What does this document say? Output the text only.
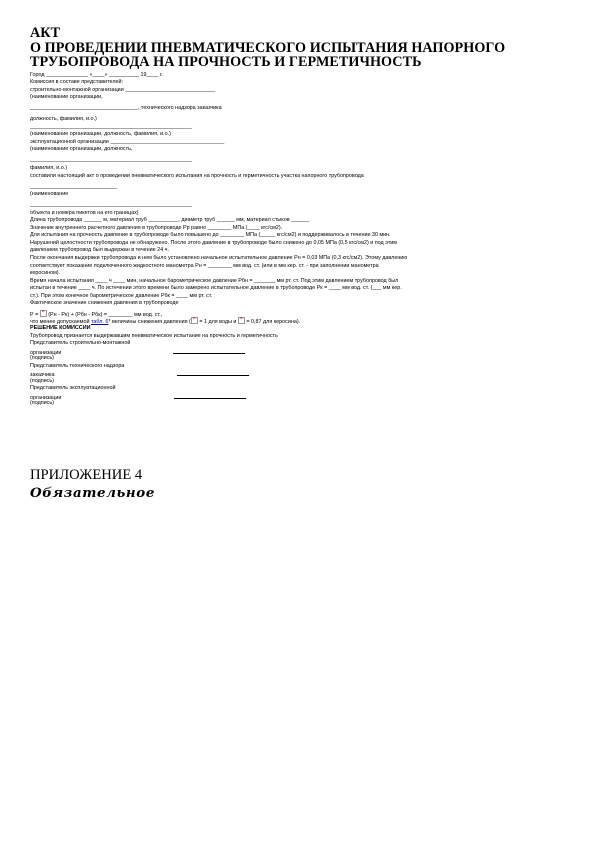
АКТ

О ПРОВЕДЕНИИ ПНЕВМАТИЧЕСКОГО ИСПЫТАНИЯ НАПОРНОГО

ТРУБОПРОВОДА НА ПРОЧНОСТЬ И ГЕРМЕТИЧНОСТЬ

Город ______________ «____» __________ 19____ г.
Комиссия в составе представителей:
строительно-монтажной организации ______________________________
(наименование организации,
____________________________________, технического надзора заказчика
должность, фамилия, и.о.)
______________________________________________________
(наименование организации, должность, фамилия, и.о.)
эксплуатационной организации ______________________________________
(наименование организации, должность,
______________________________________________________
фамилия, и.о.)
составили настоящий акт о проведении пневматического испытания на прочность и герметичность участка напорного трубопровода
_____________________________
(наименование
______________________________________________________
объекта и номера пикетов на его границах)
Длина трубопровода ______ м, материал труб __________, диаметр труб ______ мм, материал стыков ______
Значение внутреннего расчетного давления в трубопроводе Рр равно ________ МПа (____ кгс/см2).
Для испытания на прочность давление в трубопроводе было повышено до ________ МПа (_____ кгс/см2) и поддерживалось в течение 30 мин.
Нарушений целостности трубопровода не обнаружено. После этого давление в трубопроводе было снижено до 0,05 МПа (0,5 кгс/см2) и под этим
давлением трубопровод был выдержан в течение 24 ч.
После окончания выдержки трубопровода и нем было установлено начальное испытательное давление Рн = 0,03 МПа (0,3 кгс/см2). Этому давлению
соответствует показание подключенного жидкостного манометра Рн = ________ мм вод. ст. (или в мм кер. ст. - при заполнении манометра
керосином).
Время начала испытания ____ ч ____ мин, начальное барометрическое давление Рбн = _______ мм рт. ст. Под этим давлением трубопровод был
испытан в течение ____ ч. По истечении этого времени было замерено испытательное давление в трубопроводе Рк = ____ мм вод. ст. (___ мм кер.
ст.). При этом конечное барометрическое давление Рбк = ____ мм рт. ст.
Фактическое значение снижения давления в трубопроводе
Р = x (Рн - Рк) + (Рбн - Рбк) = ________ мм вод. ст.,
что менее допускаемой табл. 6* величины снижения давления (x = 1 для воды и x = 0,87 для керосина).
РЕШЕНИЕ КОМИССИИ
Трубопровод признается выдержавшим пневматическое испытание на прочность и герметичность
Представитель строительно-монтажной
организации
(подпись)
Представитель технического надзора
заказчика
(подпись)
Представитель эксплуатационной
организации
(подпись)

ПРИЛОЖЕНИЕ 4

Обязательное
